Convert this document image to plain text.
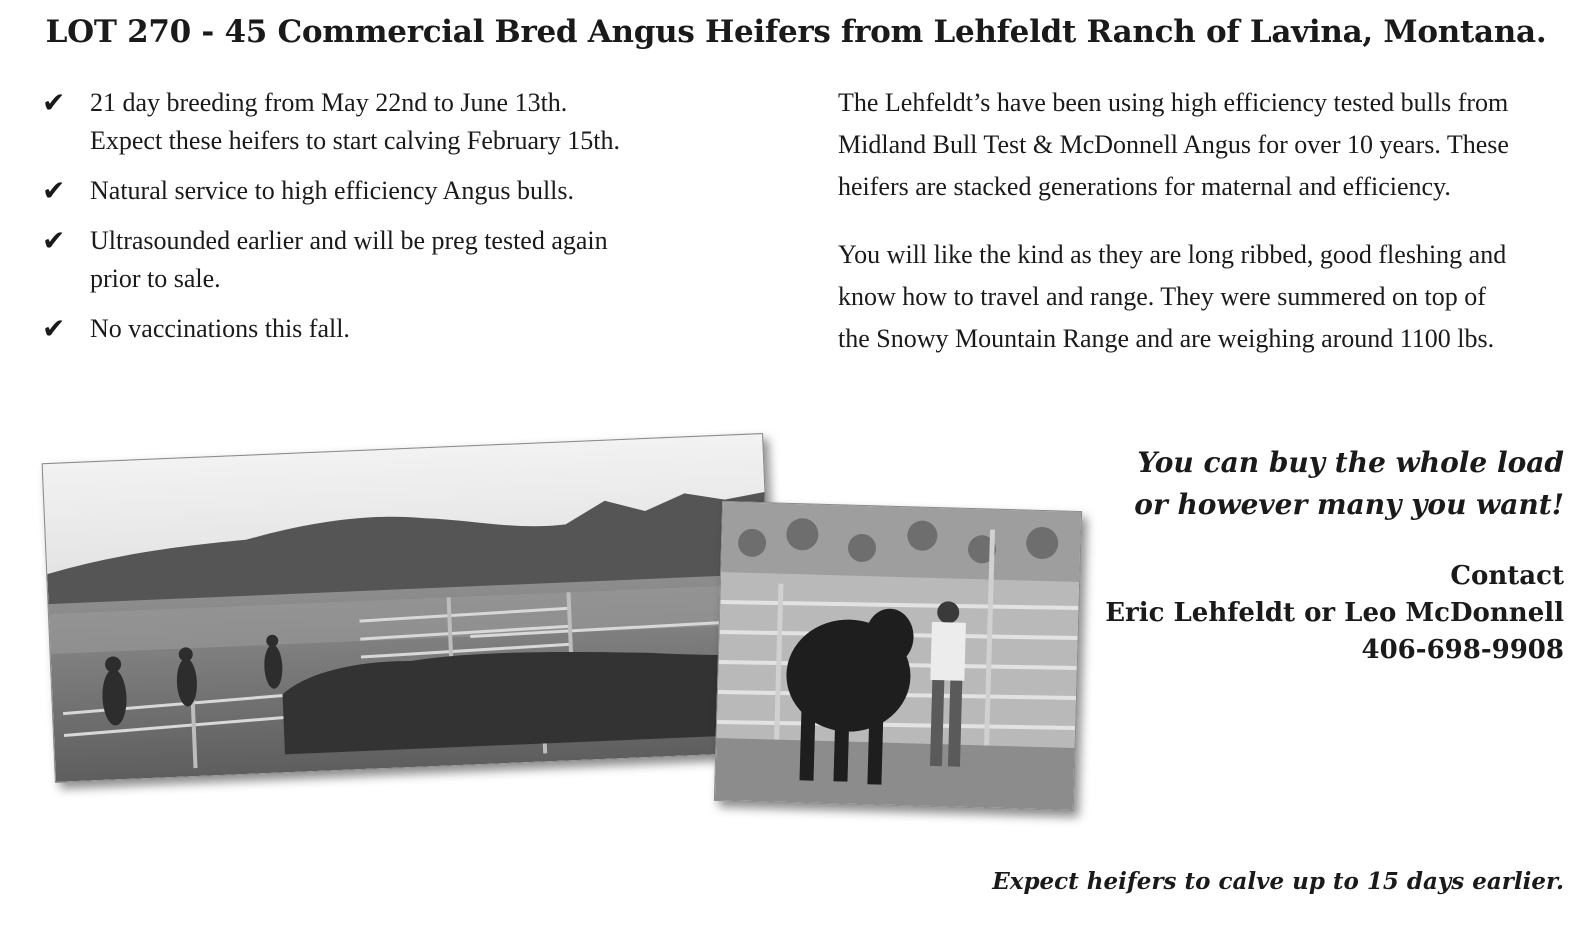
LOT 270 - 45 Commercial Bred Angus Heifers from Lehfeldt Ranch of Lavina, Montana.
✔ 21 day breeding from May 22nd to June 13th.
Expect these heifers to start calving February 15th.
✔ Natural service to high efficiency Angus bulls.
✔ Ultrasounded earlier and will be preg tested again
prior to sale.
✔ No vaccinations this fall.

The Lehfeldt’s have been using high efficiency tested bulls from
Midland Bull Test & McDonnell Angus for over 10 years. These
heifers are stacked generations for maternal and efficiency.

You will like the kind as they are long ribbed, good fleshing and
know how to travel and range. They were summered on top of
the Snowy Mountain Range and are weighing around 1100 lbs.

You can buy the whole load
or however many you want!
Contact
Eric Lehfeldt or Leo McDonnell
406-698-9908
Expect heifers to calve up to 15 days earlier.
